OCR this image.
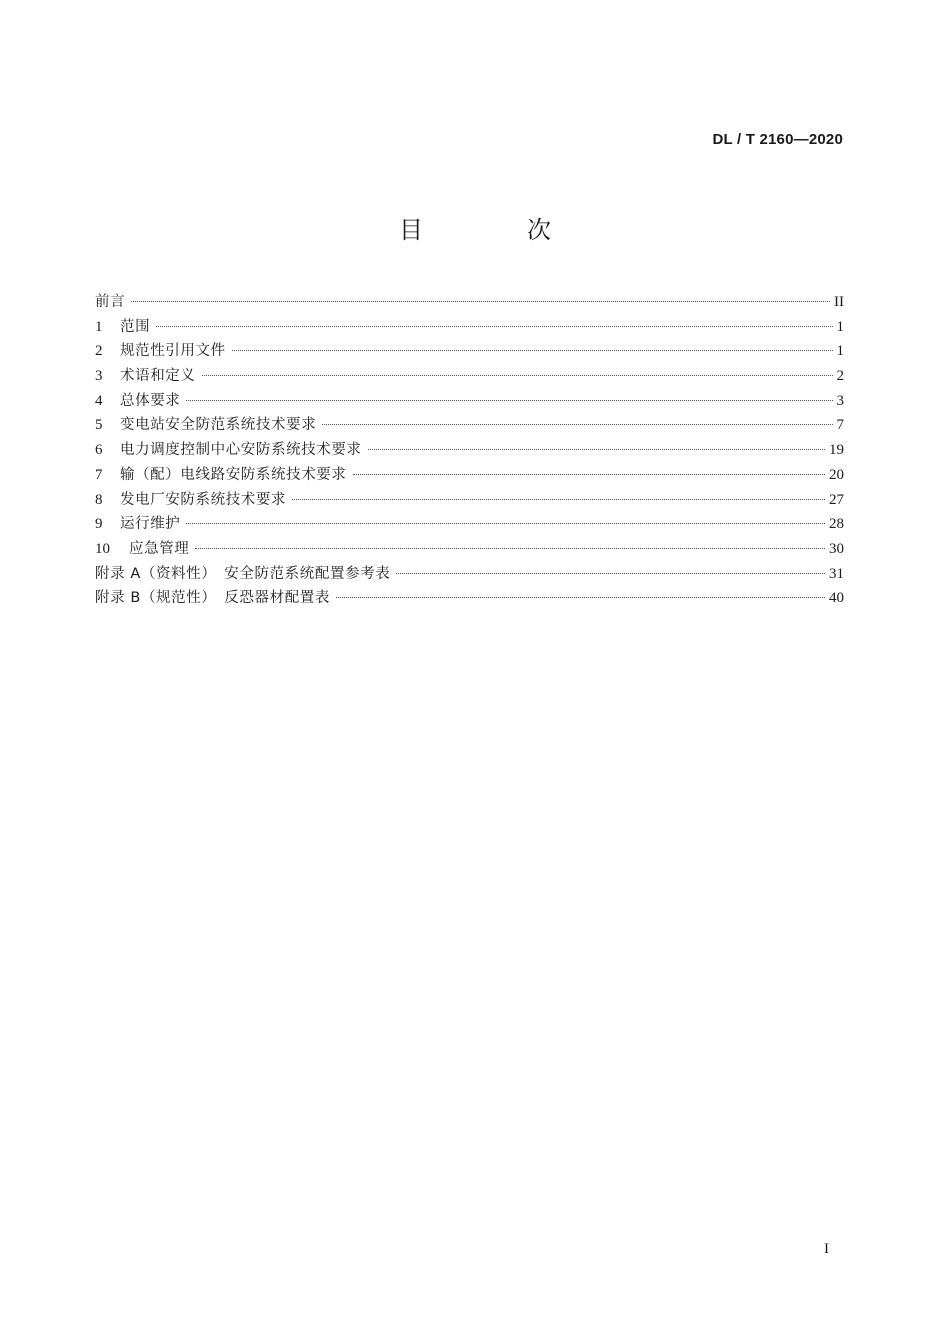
DL / T 2160—2020
目　次
前言	II
1	范围	1
2	规范性引用文件	1
3	术语和定义	2
4	总体要求	3
5	变电站安全防范系统技术要求	7
6	电力调度控制中心安防系统技术要求	19
7	输（配）电线路安防系统技术要求	20
8	发电厂安防系统技术要求	27
9	运行维护	28
10	应急管理	30
附录 A（资料性）　安全防范系统配置参考表	31
附录 B（规范性）　反恐器材配置表	40
I
